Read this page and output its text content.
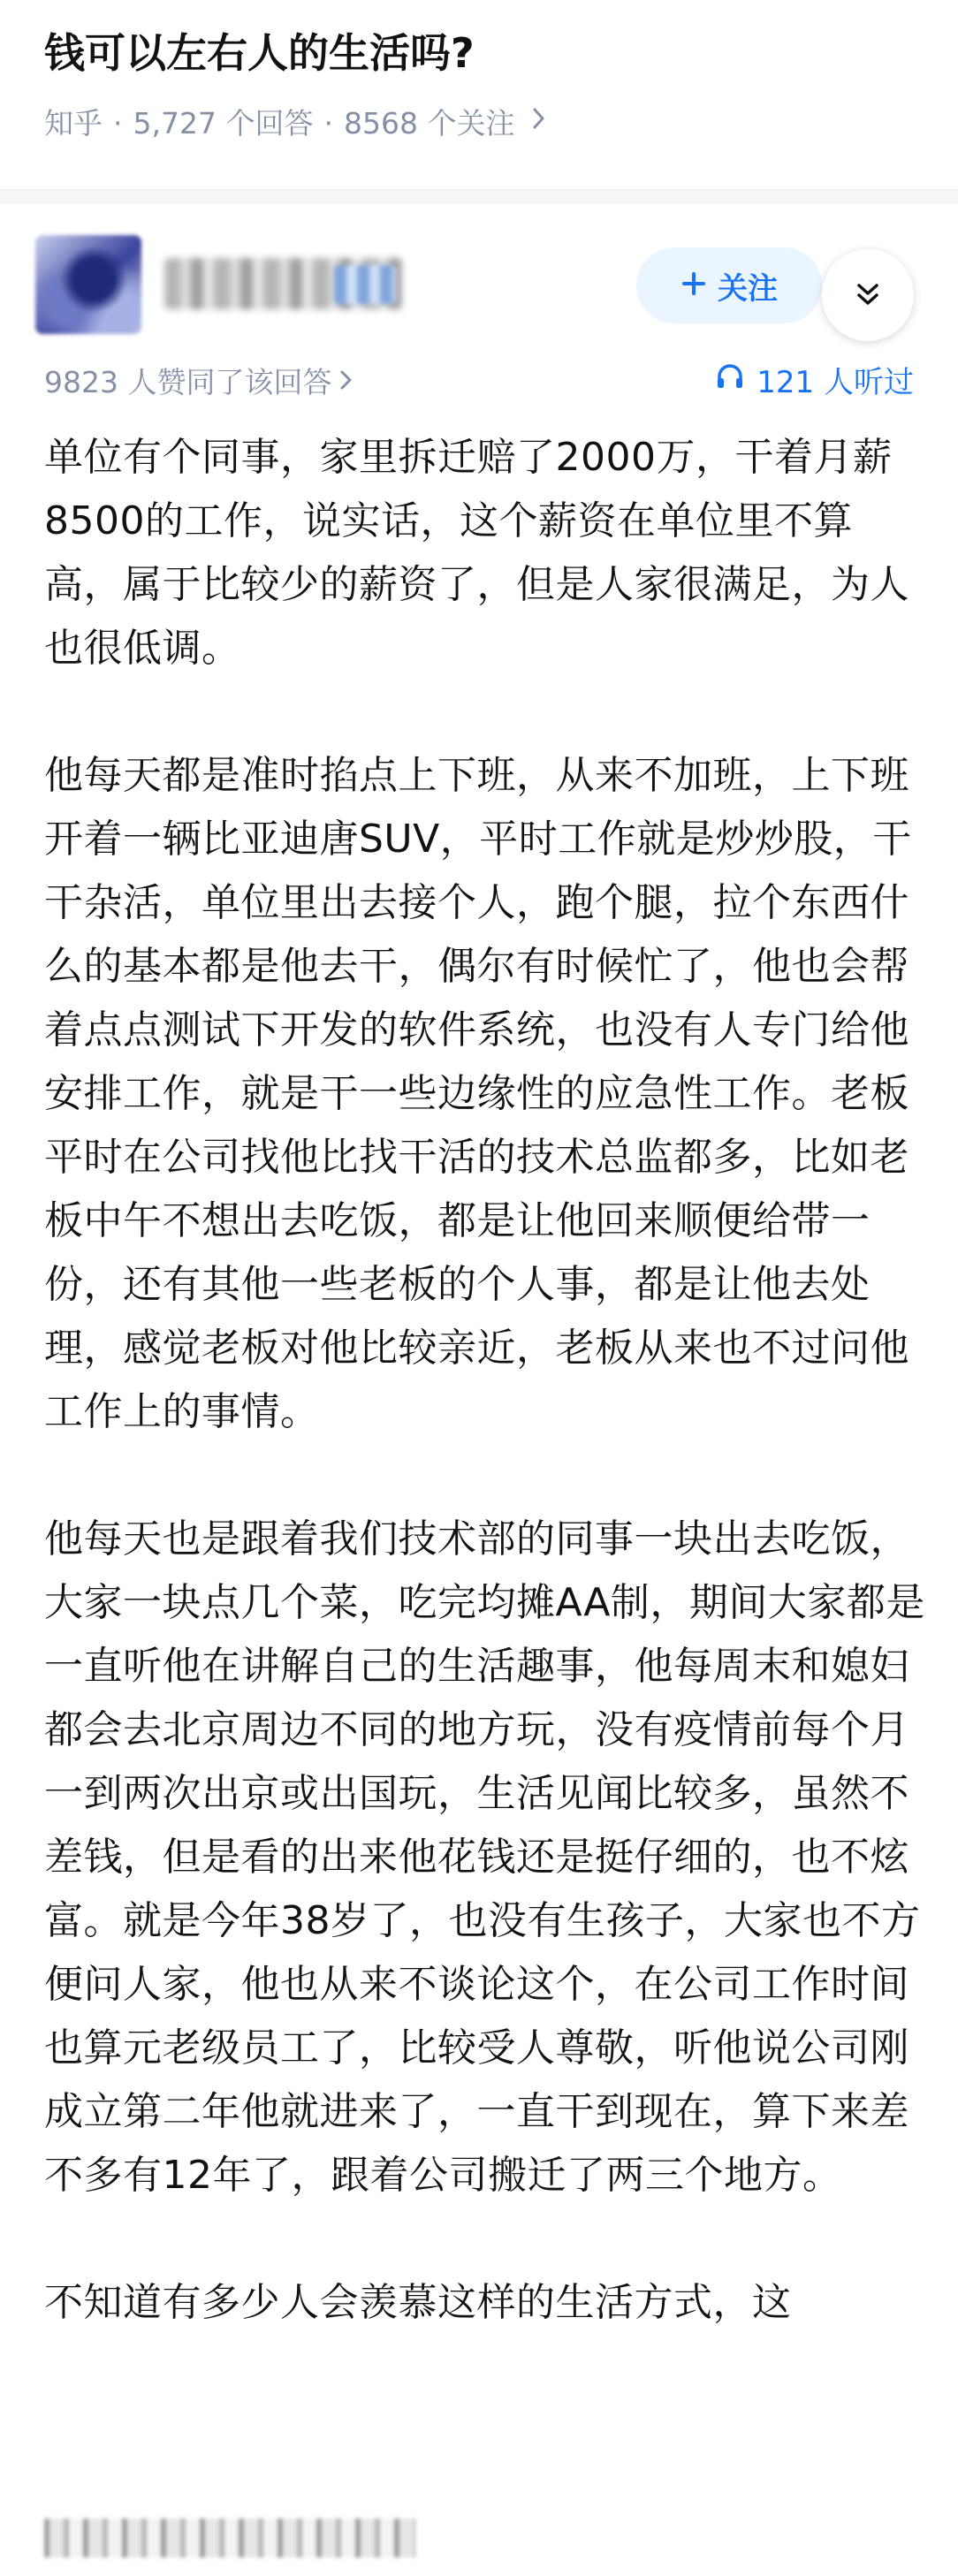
钱可以左右人的生活吗?
知乎 · 5,727 个回答 · 8568 个关注
关注
9823 人赞同了该回答	121 人听过

单位有个同事，家里拆迁赔了2000万，干着月薪8500的工作，说实话，这个薪资在单位里不算高，属于比较少的薪资了，但是人家很满足，为人也很低调。

他每天都是准时掐点上下班，从来不加班，上下班开着一辆比亚迪唐SUV，平时工作就是炒炒股，干干杂活，单位里出去接个人，跑个腿，拉个东西什么的基本都是他去干，偶尔有时候忙了，他也会帮着点点测试下开发的软件系统，也没有人专门给他安排工作，就是干一些边缘性的应急性工作。老板平时在公司找他比找干活的技术总监都多，比如老板中午不想出去吃饭，都是让他回来顺便给带一份，还有其他一些老板的个人事，都是让他去处理，感觉老板对他比较亲近，老板从来也不过问他工作上的事情。

他每天也是跟着我们技术部的同事一块出去吃饭，大家一块点几个菜，吃完均摊AA制，期间大家都是一直听他在讲解自己的生活趣事，他每周末和媳妇都会去北京周边不同的地方玩，没有疫情前每个月一到两次出京或出国玩，生活见闻比较多，虽然不差钱，但是看的出来他花钱还是挺仔细的，也不炫富。就是今年38岁了，也没有生孩子，大家也不方便问人家，他也从来不谈论这个，在公司工作时间也算元老级员工了，比较受人尊敬，听他说公司刚成立第二年他就进来了，一直干到现在，算下来差不多有12年了，跟着公司搬迁了两三个地方。

不知道有多少人会羡慕这样的生活方式，这
